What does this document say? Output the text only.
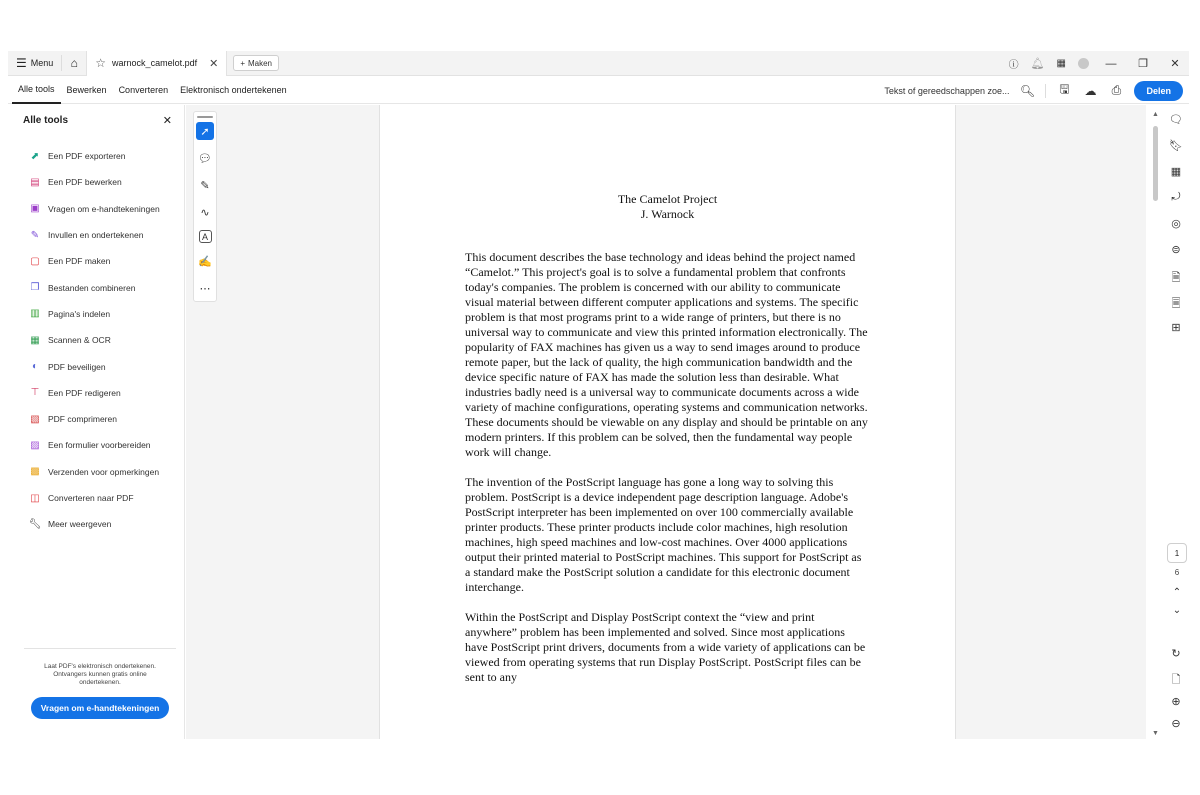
☰ Menu ⌂ ☆ warnock_camelot.pdf ✕	+ Maken	ⓘ 🔔︎ ▦	—	❐	✕
Alle tools	Bewerken	Converteren	Elektronisch ondertekenen	Tekst of gereedschappen zoe... 🔍︎ 🖫 ☁ ⎙	Delen
Alle tools	✕
⬈ Een PDF exporteren
▤ Een PDF bewerken
▣ Vragen om e-handtekeningen
✎ Invullen en ondertekenen
▢ Een PDF maken
❐ Bestanden combineren
▥ Pagina's indelen
▦ Scannen & OCR
◐	PDF beveiligen
⊤ Een PDF redigeren
▧ PDF comprimeren
▨ Een formulier voorbereiden
▩ Verzenden voor opmerkingen
◫ Converteren naar PDF
🔧︎ Meer weergeven
Laat PDF's elektronisch ondertekenen. Ontvangers kunnen gratis online ondertekenen.
Vragen om e-handtekeningen
➚
💬︎
✎
∿
A
✍
⋯
The Camelot Project
J. Warnock

This document describes the base technology and ideas behind the project named “Camelot.” This project's goal is to solve a fundamental problem that confronts today's companies. The problem is concerned with our ability to communicate visual material between different computer applications and systems. The specific problem is that most programs print to a wide range of printers, but there is no universal way to communicate and view this printed information electronically. The popularity of FAX machines has given us a way to send images around to produce remote paper, but the lack of quality, the high communication bandwidth and the device specific nature of FAX has made the solution less than desirable. What industries badly need is a universal way to communicate documents across a wide variety of machine configurations, operating systems and communication networks. These documents should be viewable on any display and should be printable on any modern printers. If this problem can be solved, then the fundamental way people work will change.

The invention of the PostScript language has gone a long way to solving this problem. PostScript is a device independent page description language. Adobe's PostScript interpreter has been implemented on over 100 commercially available printer products. These printer products include color machines, high resolution machines, high speed machines and low-cost machines. Over 4000 applications output their printed material to PostScript machines. This support for PostScript as a standard make the PostScript solution a candidate for this electronic document interchange.

Within the PostScript and Display PostScript context the “view and print anywhere” problem has been implemented and solved. Since most applications have PostScript print drivers, documents from a wide variety of applications can be viewed from operating systems that run Display PostScript. PostScript files can be sent to any

▲
▼
🗨︎
🔖︎
▦
⤾
◎
⊜
🗎
🗏
⊞
↻
🗋
⊕
⊖
1
6
⌃
⌄
